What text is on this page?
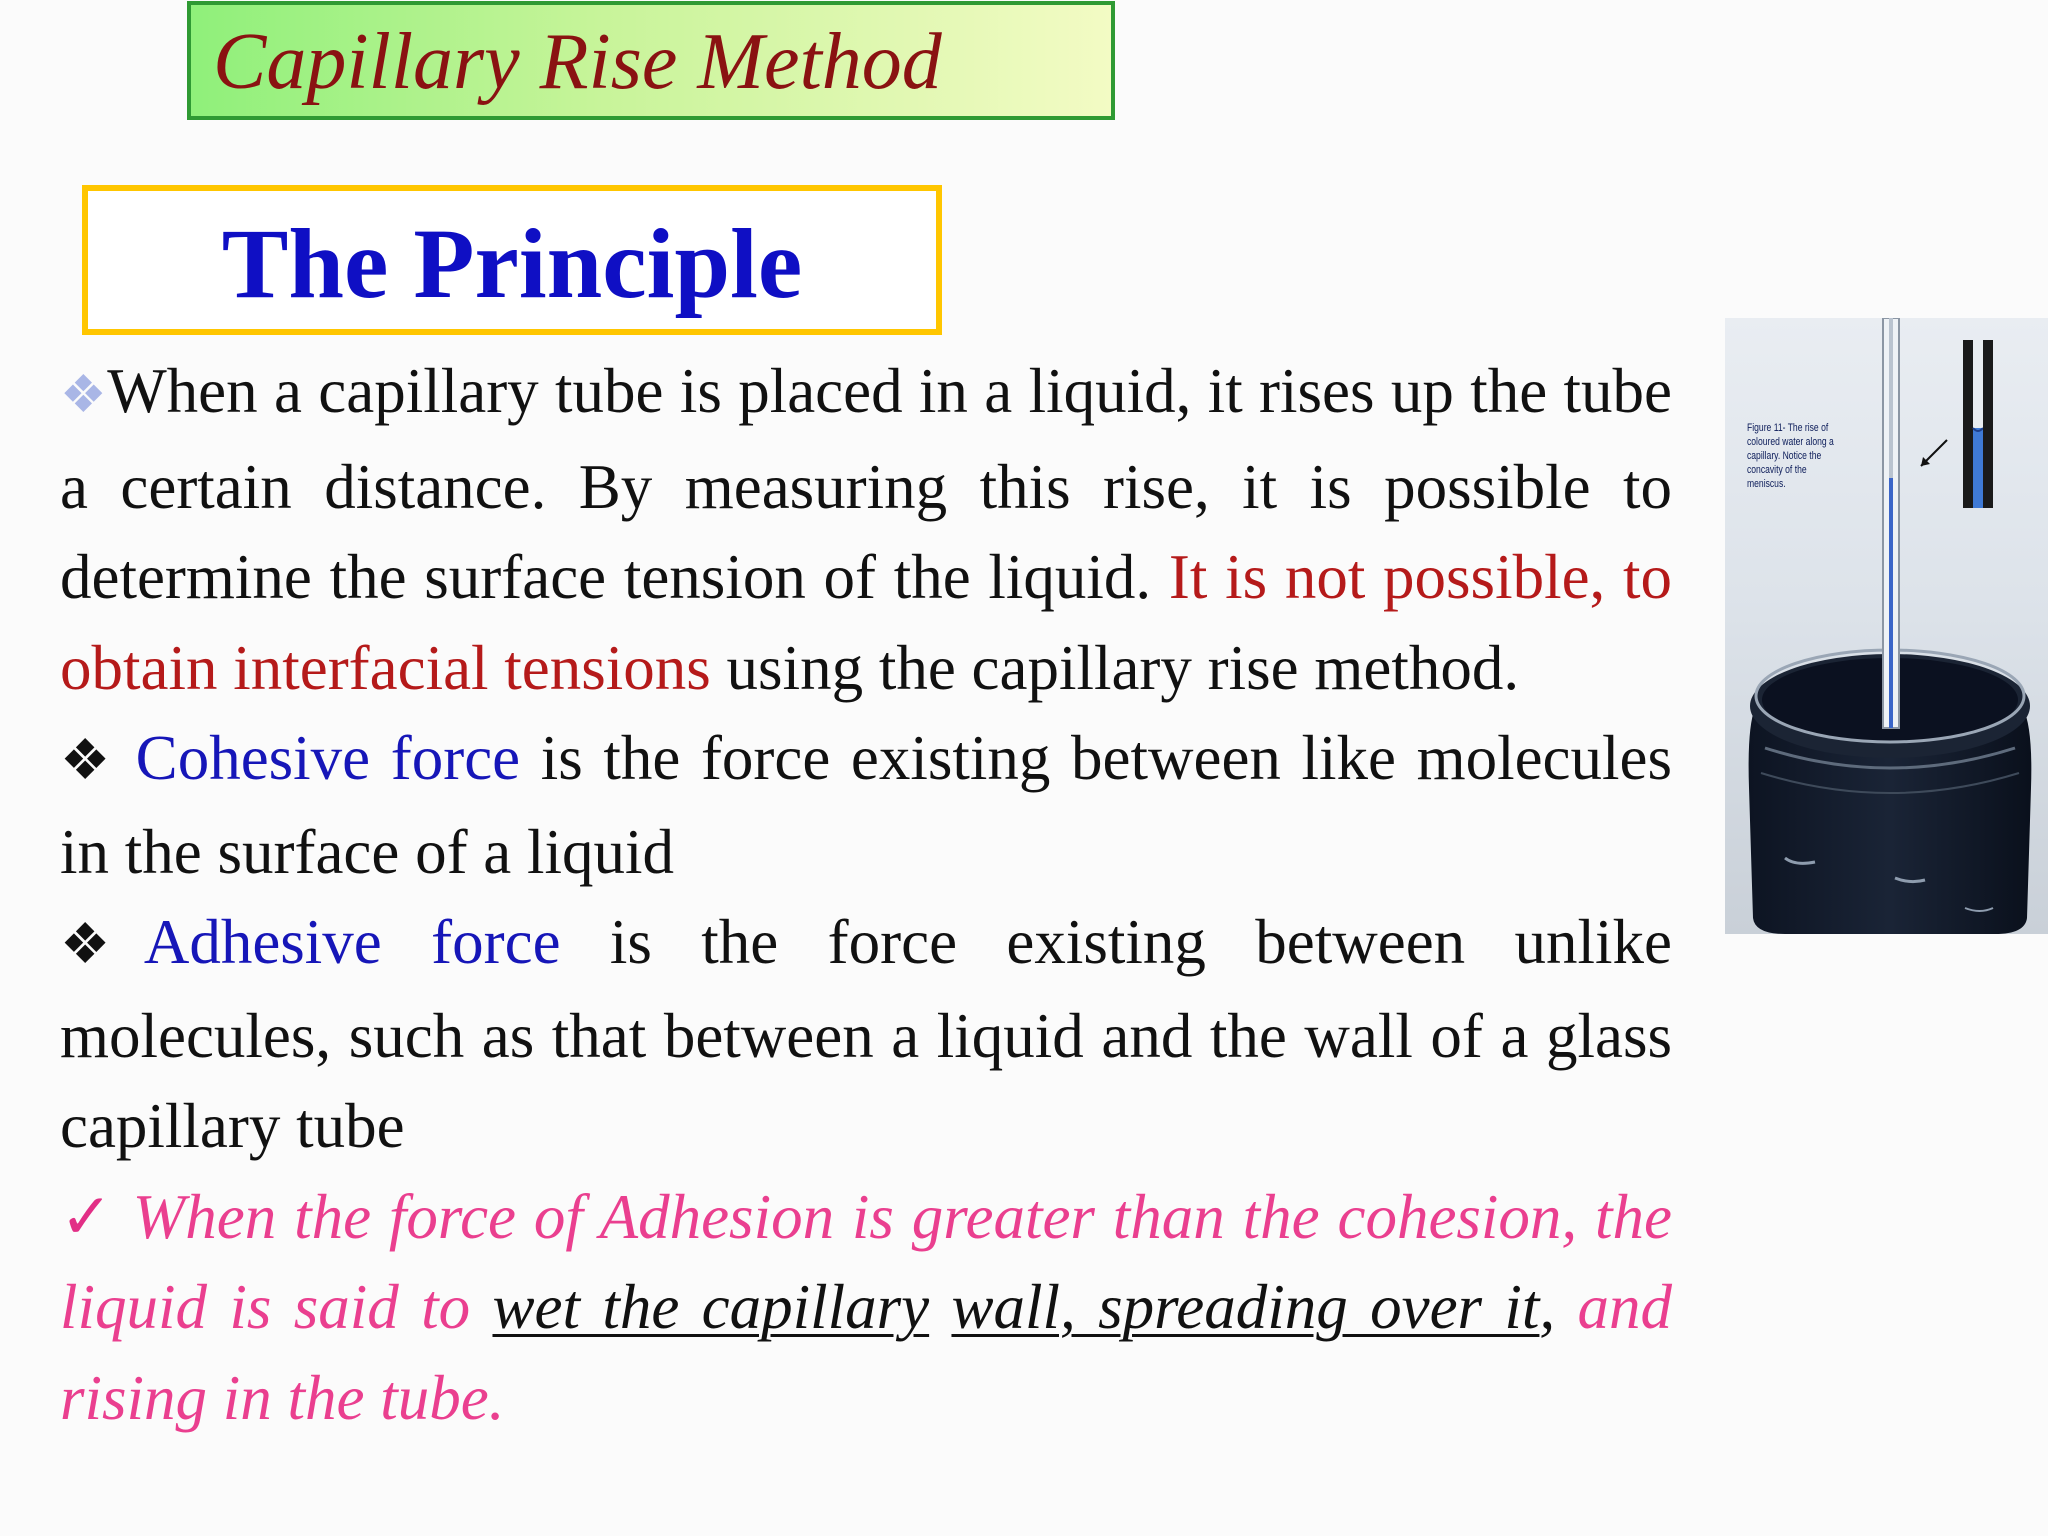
Capillary Rise Method
The Principle

❖When a capillary tube is placed in a liquid, it rises up the tube a certain distance. By measuring this rise, it is possible to determine the surface tension of the liquid. It is not possible, to obtain interfacial tensions using the capillary rise method.

❖ Cohesive force is the force existing between like molecules in the surface of a liquid

❖Adhesive force is the force existing between unlike molecules, such as that between a liquid and the wall of a glass capillary tube

✓ When the force of Adhesion is greater than the cohesion, the liquid is said to wet the capillary wall, spreading over it, and rising in the tube.

Figure 11- The rise of coloured water along a capillary. Notice the concavity of the meniscus.
